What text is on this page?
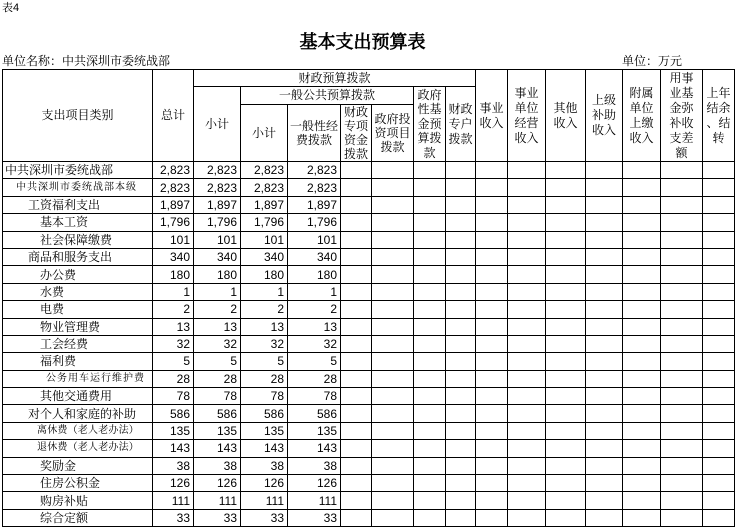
表4
基本支出预算表
单位名称：中共深圳市委统战部	单位：万元
支出项目类别	总计	财政预算拨款							事业收入	事业单位经营收入	其他收入	上级补助收入	附属单位上缴收入	用事业基金弥补收支差额	上年结余、结转

		小计	一般公共预算拨款				政府性基金预算拨款	财政专户拨款							

			小计	一般性经费拨款	财政专项资金拨款	政府投资项目拨款									

中共深圳市委统战部	2,823	2,823	2,823	2,823											
中共深圳市委统战部本级	2,823	2,823	2,823	2,823											
工资福利支出	1,897	1,897	1,897	1,897											
基本工资	1,796	1,796	1,796	1,796											
社会保障缴费	101	101	101	101											
商品和服务支出	340	340	340	340											
办公费	180	180	180	180											
水费	1	1	1	1											
电费	2	2	2	2											
物业管理费	13	13	13	13											
工会经费	32	32	32	32											
福利费	5	5	5	5											
公务用车运行维护费	28	28	28	28											
其他交通费用	78	78	78	78											
对个人和家庭的补助	586	586	586	586											
离休费（老人老办法）	135	135	135	135											
退休费（老人老办法）	143	143	143	143											
奖励金	38	38	38	38											
住房公积金	126	126	126	126											
购房补贴	111	111	111	111											
综合定额	33	33	33	33											
